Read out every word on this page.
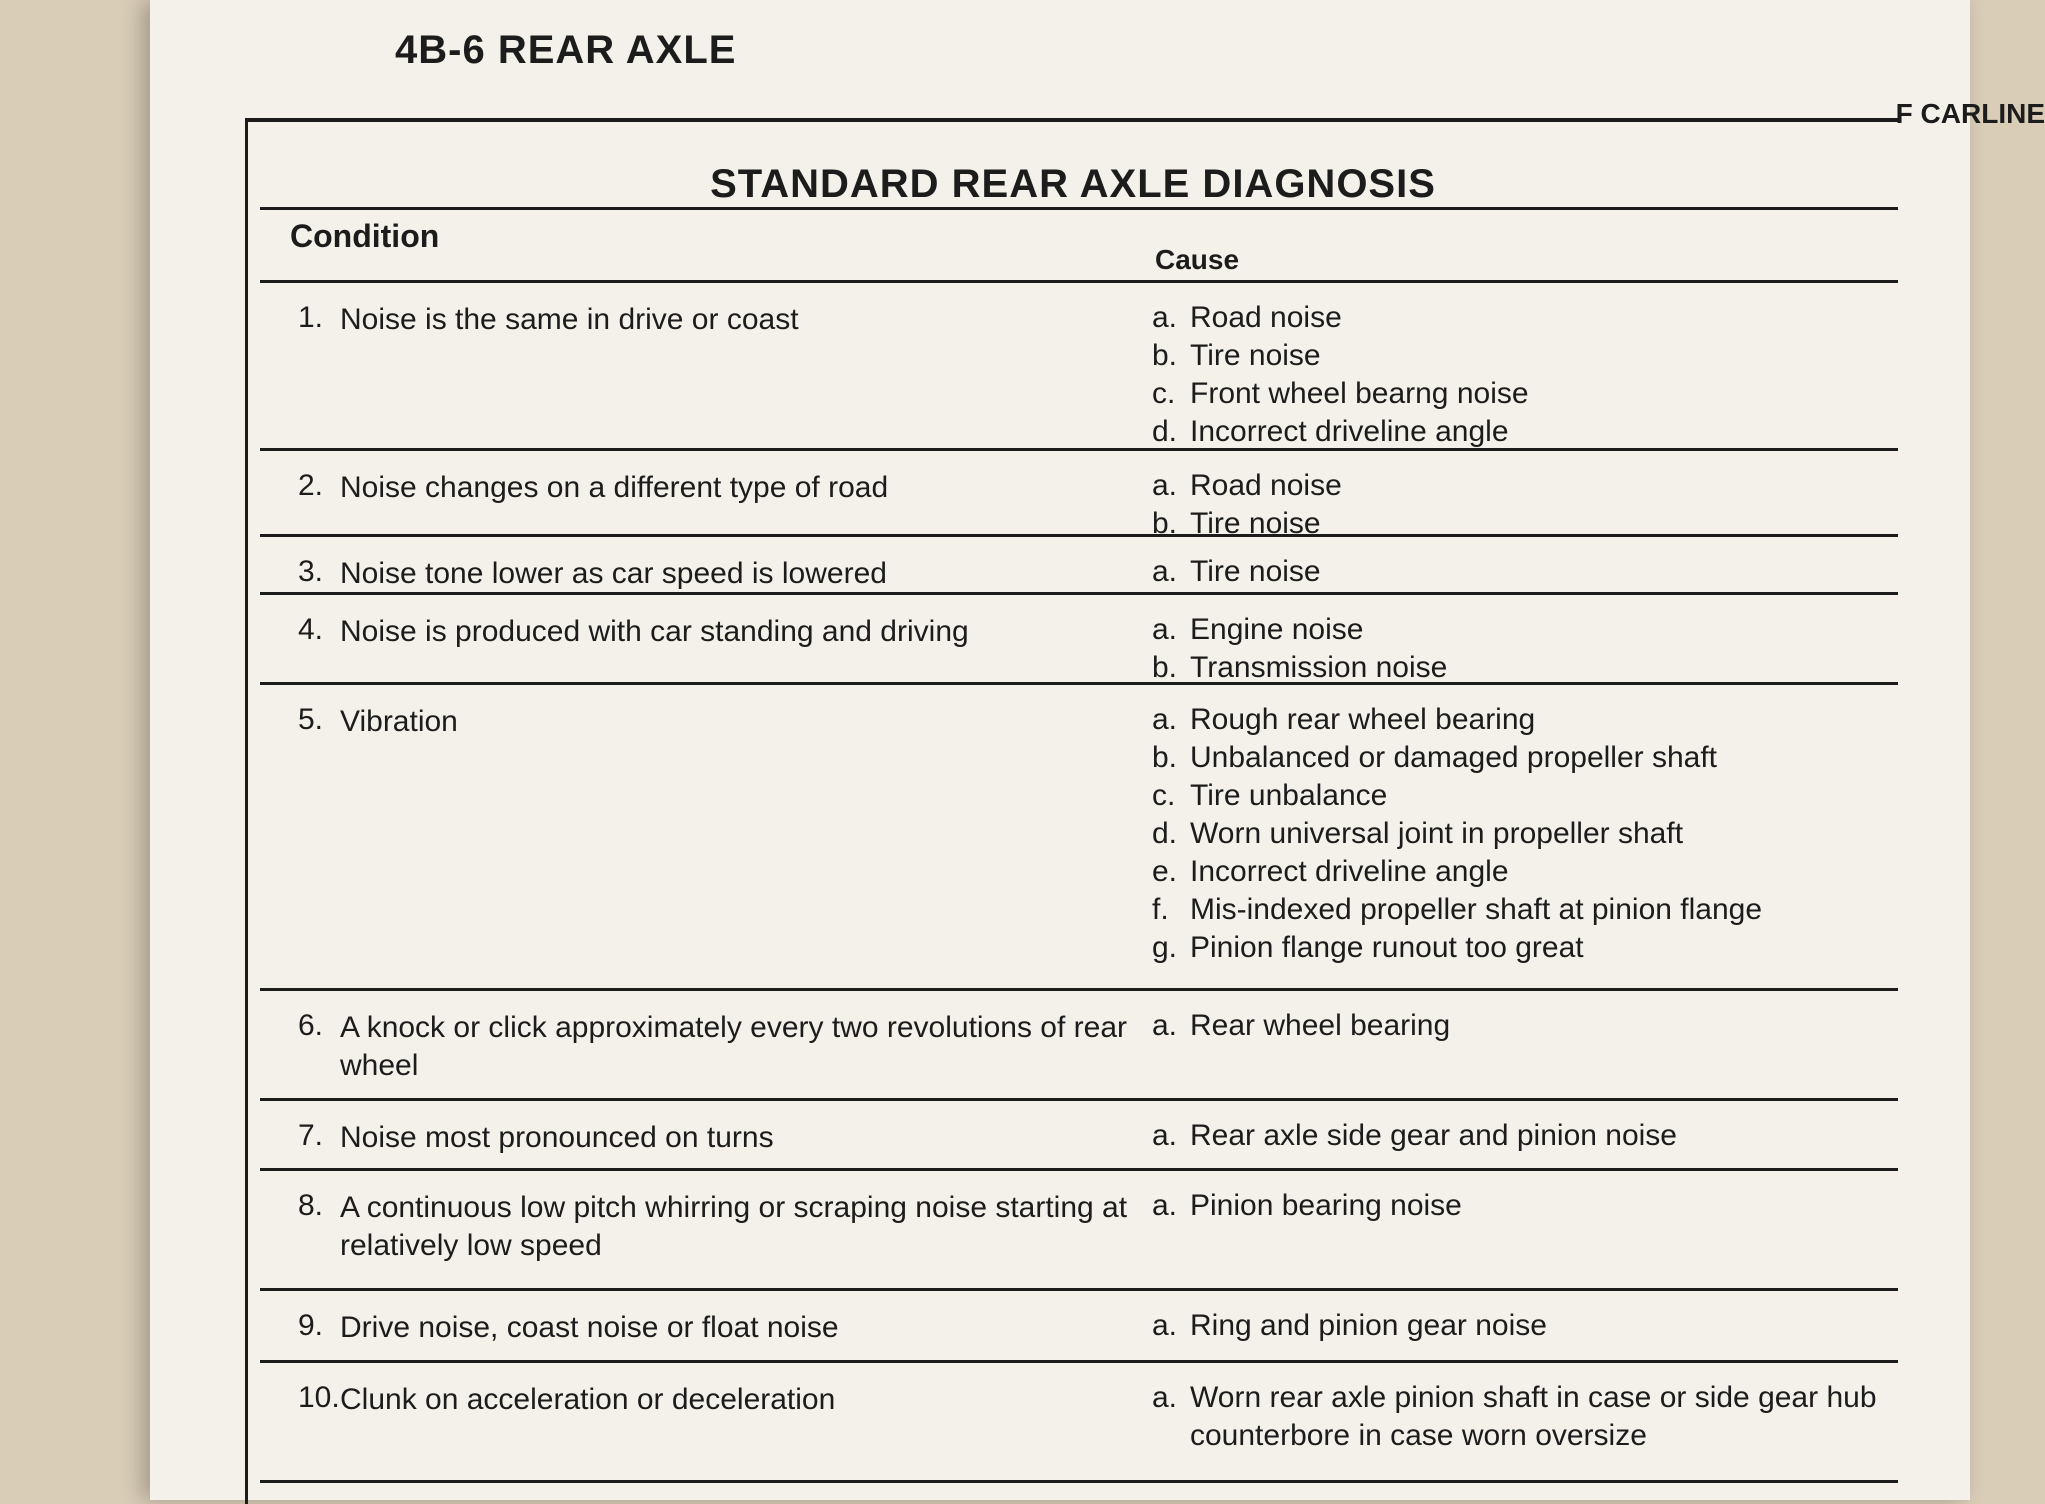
4B-6 REAR AXLE
F CARLINE
STANDARD REAR AXLE DIAGNOSIS
Condition
Cause
1. Noise is the same in drive or coast	a. Road noise
b. Tire noise
c. Front wheel bearng noise
d. Incorrect driveline angle
2. Noise changes on a different type of road	a. Road noise
b. Tire noise
3. Noise tone lower as car speed is lowered	a. Tire noise
4. Noise is produced with car standing and driving	a. Engine noise
b. Transmission noise
5. Vibration	a. Rough rear wheel bearing
b. Unbalanced or damaged propeller shaft
c. Tire unbalance
d. Worn universal joint in propeller shaft
e. Incorrect driveline angle
f. Mis-indexed propeller shaft at pinion flange
g. Pinion flange runout too great
6. A knock or click approximately every two revolutions of rear wheel
a. Rear wheel bearing
7. Noise most pronounced on turns	a. Rear axle side gear and pinion noise
8. A continuous low pitch whirring or scraping noise starting at relatively low speed
a. Pinion bearing noise
9. Drive noise, coast noise or float noise	a. Ring and pinion gear noise
10. Clunk on acceleration or deceleration	a. Worn rear axle pinion shaft in case or side gear hub counterbore in case worn oversize
